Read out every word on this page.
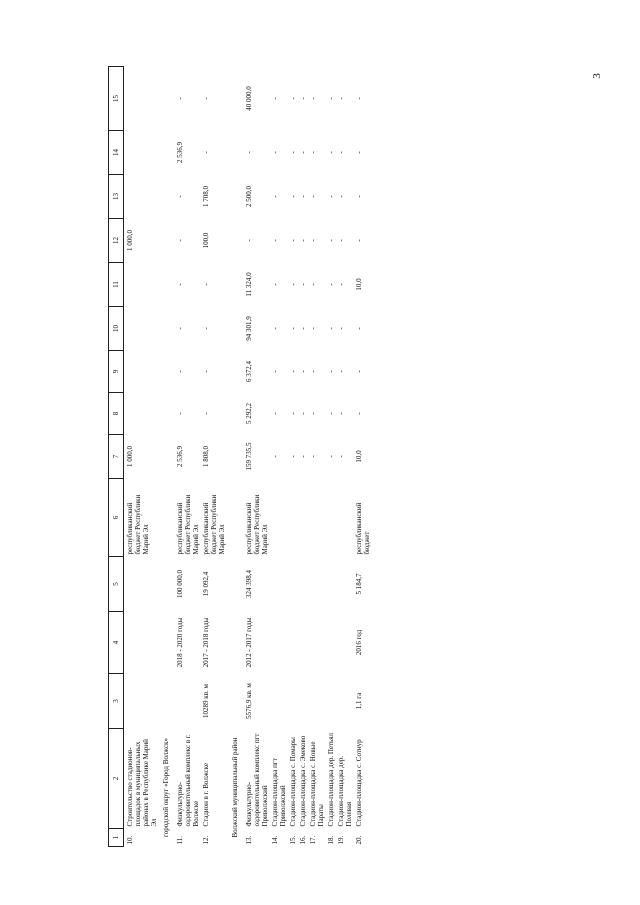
3
1	2	3	4	5	6	7	8	9	10	11	12	13	14	15
10.	Строительство стадионов-площадок в муниципальных районах в Республике Марий Эл				республиканский бюджет Республики Марий Эл	1 000,0					1 000,0			
городской округ «Город Волжск»														
11.	Физкультурно-оздоровительный комплекс в г. Волжске		2018 - 2020 годы	100 000,0	республиканский бюджет Республики Марий Эл	2 536,9	-	-	-	-	-	-	2 536,9	-
12.	Стадион в г. Волжске	10289 кв. м	2017 - 2018 годы	19 092,4	республиканский бюджет Республики Марий Эл	1 808,0	-	-	-	-	100,0	1 708,0	-	-
Волжский муниципальный район														
13.	Физкультурно-оздоровительный комплекс пгт Приволжский	5576,9 кв. м	2012 - 2017 годы	324 398,4	республиканский бюджет Республики Марий Эл	159 735,5	5 292,2	6 372,4	94 301,9	11 324,0	-	2 500,0	-	40 000,0
14.	Стадион-площадка пгт Приволжский					-	-	-	-	-	-	-	-	-
15.	Стадион-площадка с. Помары					-	-	-	-	-	-	-	-	-
16.	Стадион-площадка с. Эмеково					-	-	-	-	-	-	-	-	-
17.	Стадион-площадка с. Новые Параты					-	-	-	-	-	-	-	-	-
18.	Стадион-площадка дер. Петьял					-	-	-	-	-	-	-	-	-
19.	Стадион-площадка дер. Полевая					-	-	-	-	-	-	-	-	-
20.	Стадион-площадка с. Сотнур	1,1 га	2016 год	5 184,7	республиканский бюджет	10,0	-	-	-	10,0	-	-	-	-
